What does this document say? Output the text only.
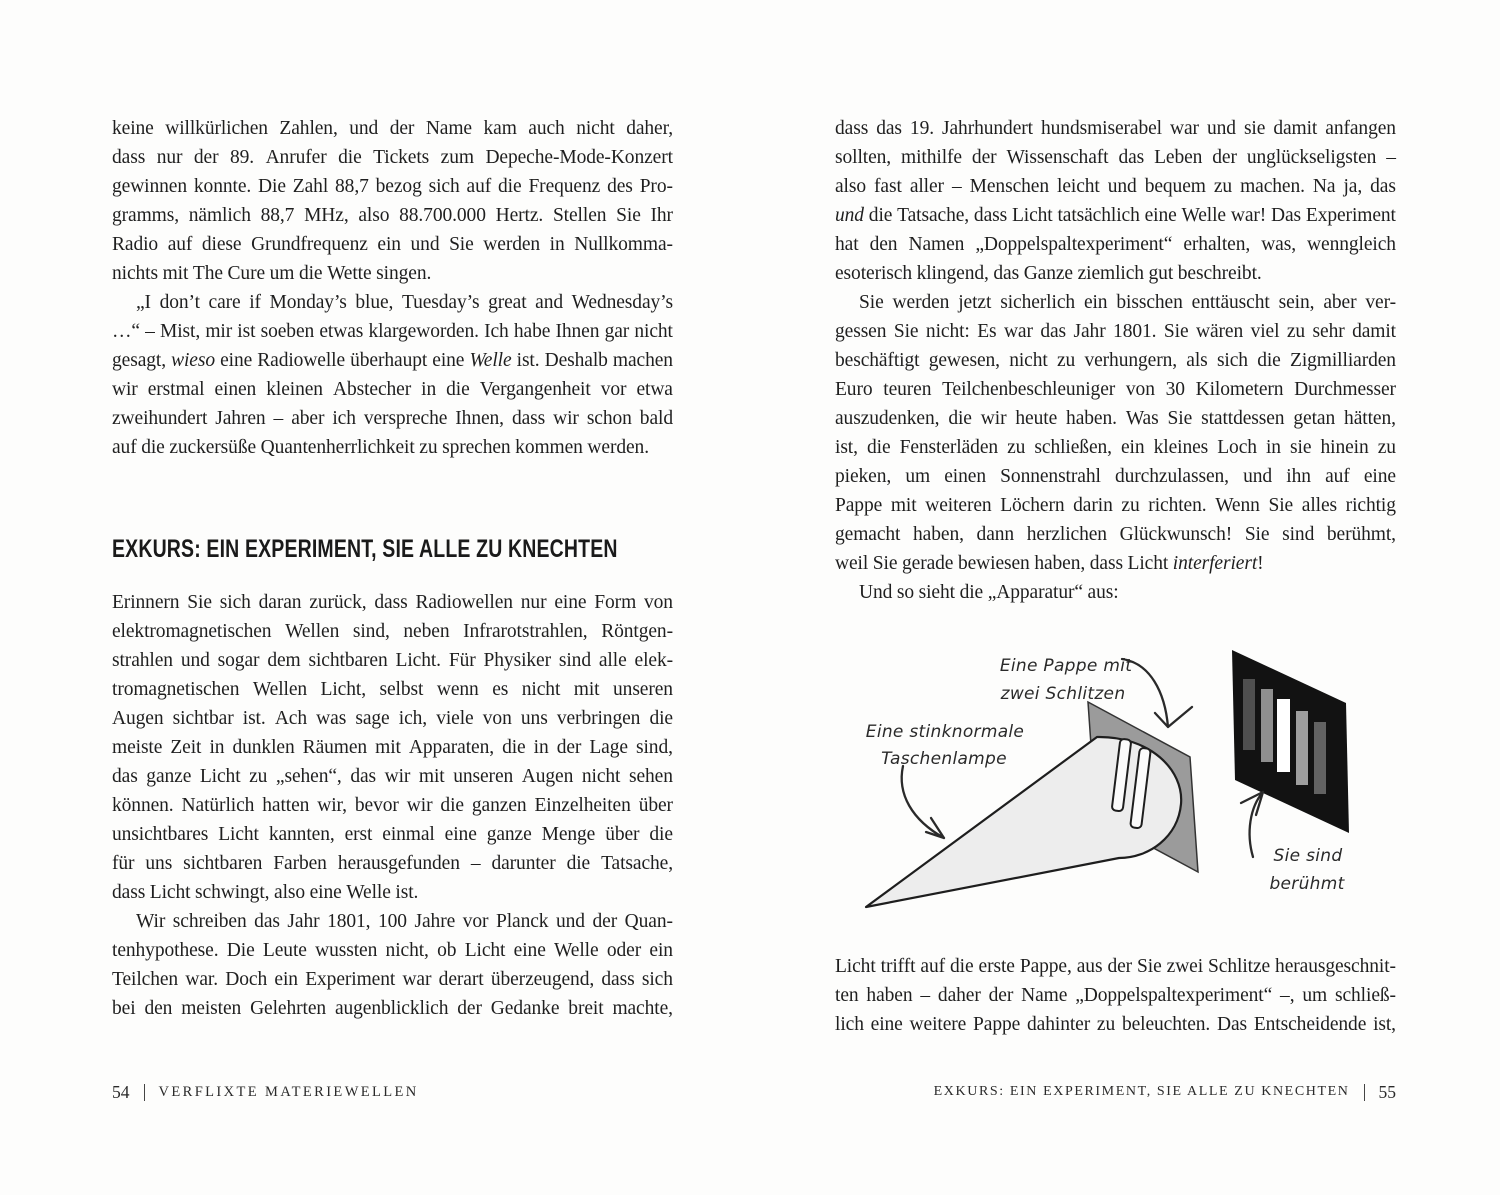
keine willkürlichen Zahlen, und der Name kam auch nicht daher,
dass nur der 89. Anrufer die Tickets zum Depeche-Mode-Konzert
gewinnen konnte. Die Zahl 88,7 bezog sich auf die Frequenz des Pro-
gramms, nämlich 88,7 MHz, also 88.700.000 Hertz. Stellen Sie Ihr
Radio auf diese Grundfrequenz ein und Sie werden in Nullkomma-
nichts mit The Cure um die Wette singen.
„I don’t care if Monday’s blue, Tuesday’s great and Wednesday’s
…“ – Mist, mir ist soeben etwas klargeworden. Ich habe Ihnen gar nicht
gesagt, wieso eine Radiowelle überhaupt eine Welle ist. Deshalb machen
wir erstmal einen kleinen Abstecher in die Vergangenheit vor etwa
zweihundert Jahren – aber ich verspreche Ihnen, dass wir schon bald
auf die zuckersüße Quantenherrlichkeit zu sprechen kommen werden.
EXKURS: EIN EXPERIMENT, SIE ALLE ZU KNECHTEN
Erinnern Sie sich daran zurück, dass Radiowellen nur eine Form von
elektromagnetischen Wellen sind, neben Infrarotstrahlen, Röntgen-
strahlen und sogar dem sichtbaren Licht. Für Physiker sind alle elek-
tromagnetischen Wellen Licht, selbst wenn es nicht mit unseren
Augen sichtbar ist. Ach was sage ich, viele von uns verbringen die
meiste Zeit in dunklen Räumen mit Apparaten, die in der Lage sind,
das ganze Licht zu „sehen“, das wir mit unseren Augen nicht sehen
können. Natürlich hatten wir, bevor wir die ganzen Einzelheiten über
unsichtbares Licht kannten, erst einmal eine ganze Menge über die
für uns sichtbaren Farben herausgefunden – darunter die Tatsache,
dass Licht schwingt, also eine Welle ist.
Wir schreiben das Jahr 1801, 100 Jahre vor Planck und der Quan-
tenhypothese. Die Leute wussten nicht, ob Licht eine Welle oder ein
Teilchen war. Doch ein Experiment war derart überzeugend, dass sich
bei den meisten Gelehrten augenblicklich der Gedanke breit machte,
dass das 19. Jahrhundert hundsmiserabel war und sie damit anfangen
sollten, mithilfe der Wissenschaft das Leben der unglückseligsten –
also fast aller – Menschen leicht und bequem zu machen. Na ja, das
und die Tatsache, dass Licht tatsächlich eine Welle war! Das Experiment
hat den Namen „Doppelspaltexperiment“ erhalten, was, wenngleich
esoterisch klingend, das Ganze ziemlich gut beschreibt.
Sie werden jetzt sicherlich ein bisschen enttäuscht sein, aber ver-
gessen Sie nicht: Es war das Jahr 1801. Sie wären viel zu sehr damit
beschäftigt gewesen, nicht zu verhungern, als sich die Zigmilliarden
Euro teuren Teilchenbeschleuniger von 30 Kilometern Durchmesser
auszudenken, die wir heute haben. Was Sie stattdessen getan hätten,
ist, die Fensterläden zu schließen, ein kleines Loch in sie hinein zu
pieken, um einen Sonnenstrahl durchzulassen, und ihn auf eine
Pappe mit weiteren Löchern darin zu richten. Wenn Sie alles richtig
gemacht haben, dann herzlichen Glückwunsch! Sie sind berühmt,
weil Sie gerade bewiesen haben, dass Licht interferiert!
Und so sieht die „Apparatur“ aus:
Licht trifft auf die erste Pappe, aus der Sie zwei Schlitze herausgeschnit-
ten haben – daher der Name „Doppelspaltexperiment“ –, um schließ-
lich eine weitere Pappe dahinter zu beleuchten. Das Entscheidende ist,
Eine Pappe mit
zwei Schlitzen
Eine stinknormale
Taschenlampe
Sie sind
berühmt
54 VERFLIXTE MATERIEWELLEN	EXKURS: EIN EXPERIMENT, SIE ALLE ZU KNECHTEN 55
